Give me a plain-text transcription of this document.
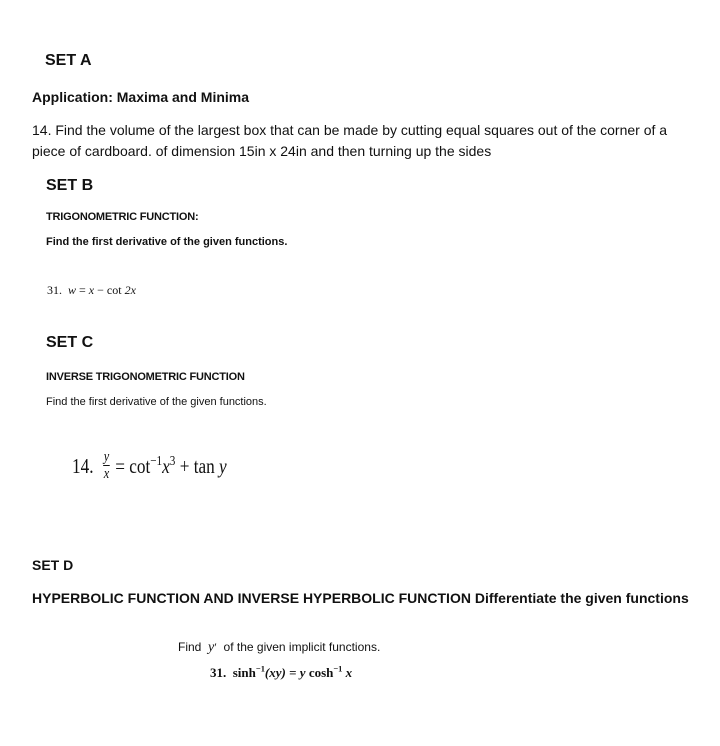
SET A
Application: Maxima and Minima
14. Find the volume of the largest box that can be made by cutting equal squares out of the corner of a
piece of cardboard. of dimension 15in x 24in and then turning up the sides
SET B
TRIGONOMETRIC FUNCTION:
Find the first derivative of the given functions.
31. w = x − cot 2x
SET C
INVERSE TRIGONOMETRIC FUNCTION
Find the first derivative of the given functions.
14. $\frac{y}{x} = \cot^{-1}x^3 + \tan y$
SET D
HYPERBOLIC FUNCTION AND INVERSE HYPERBOLIC FUNCTION Differentiate the given functions
Find y′ of the given implicit functions.
31. $\sinh^{-1}(xy) = y$ $\cosh^{-1} x$
